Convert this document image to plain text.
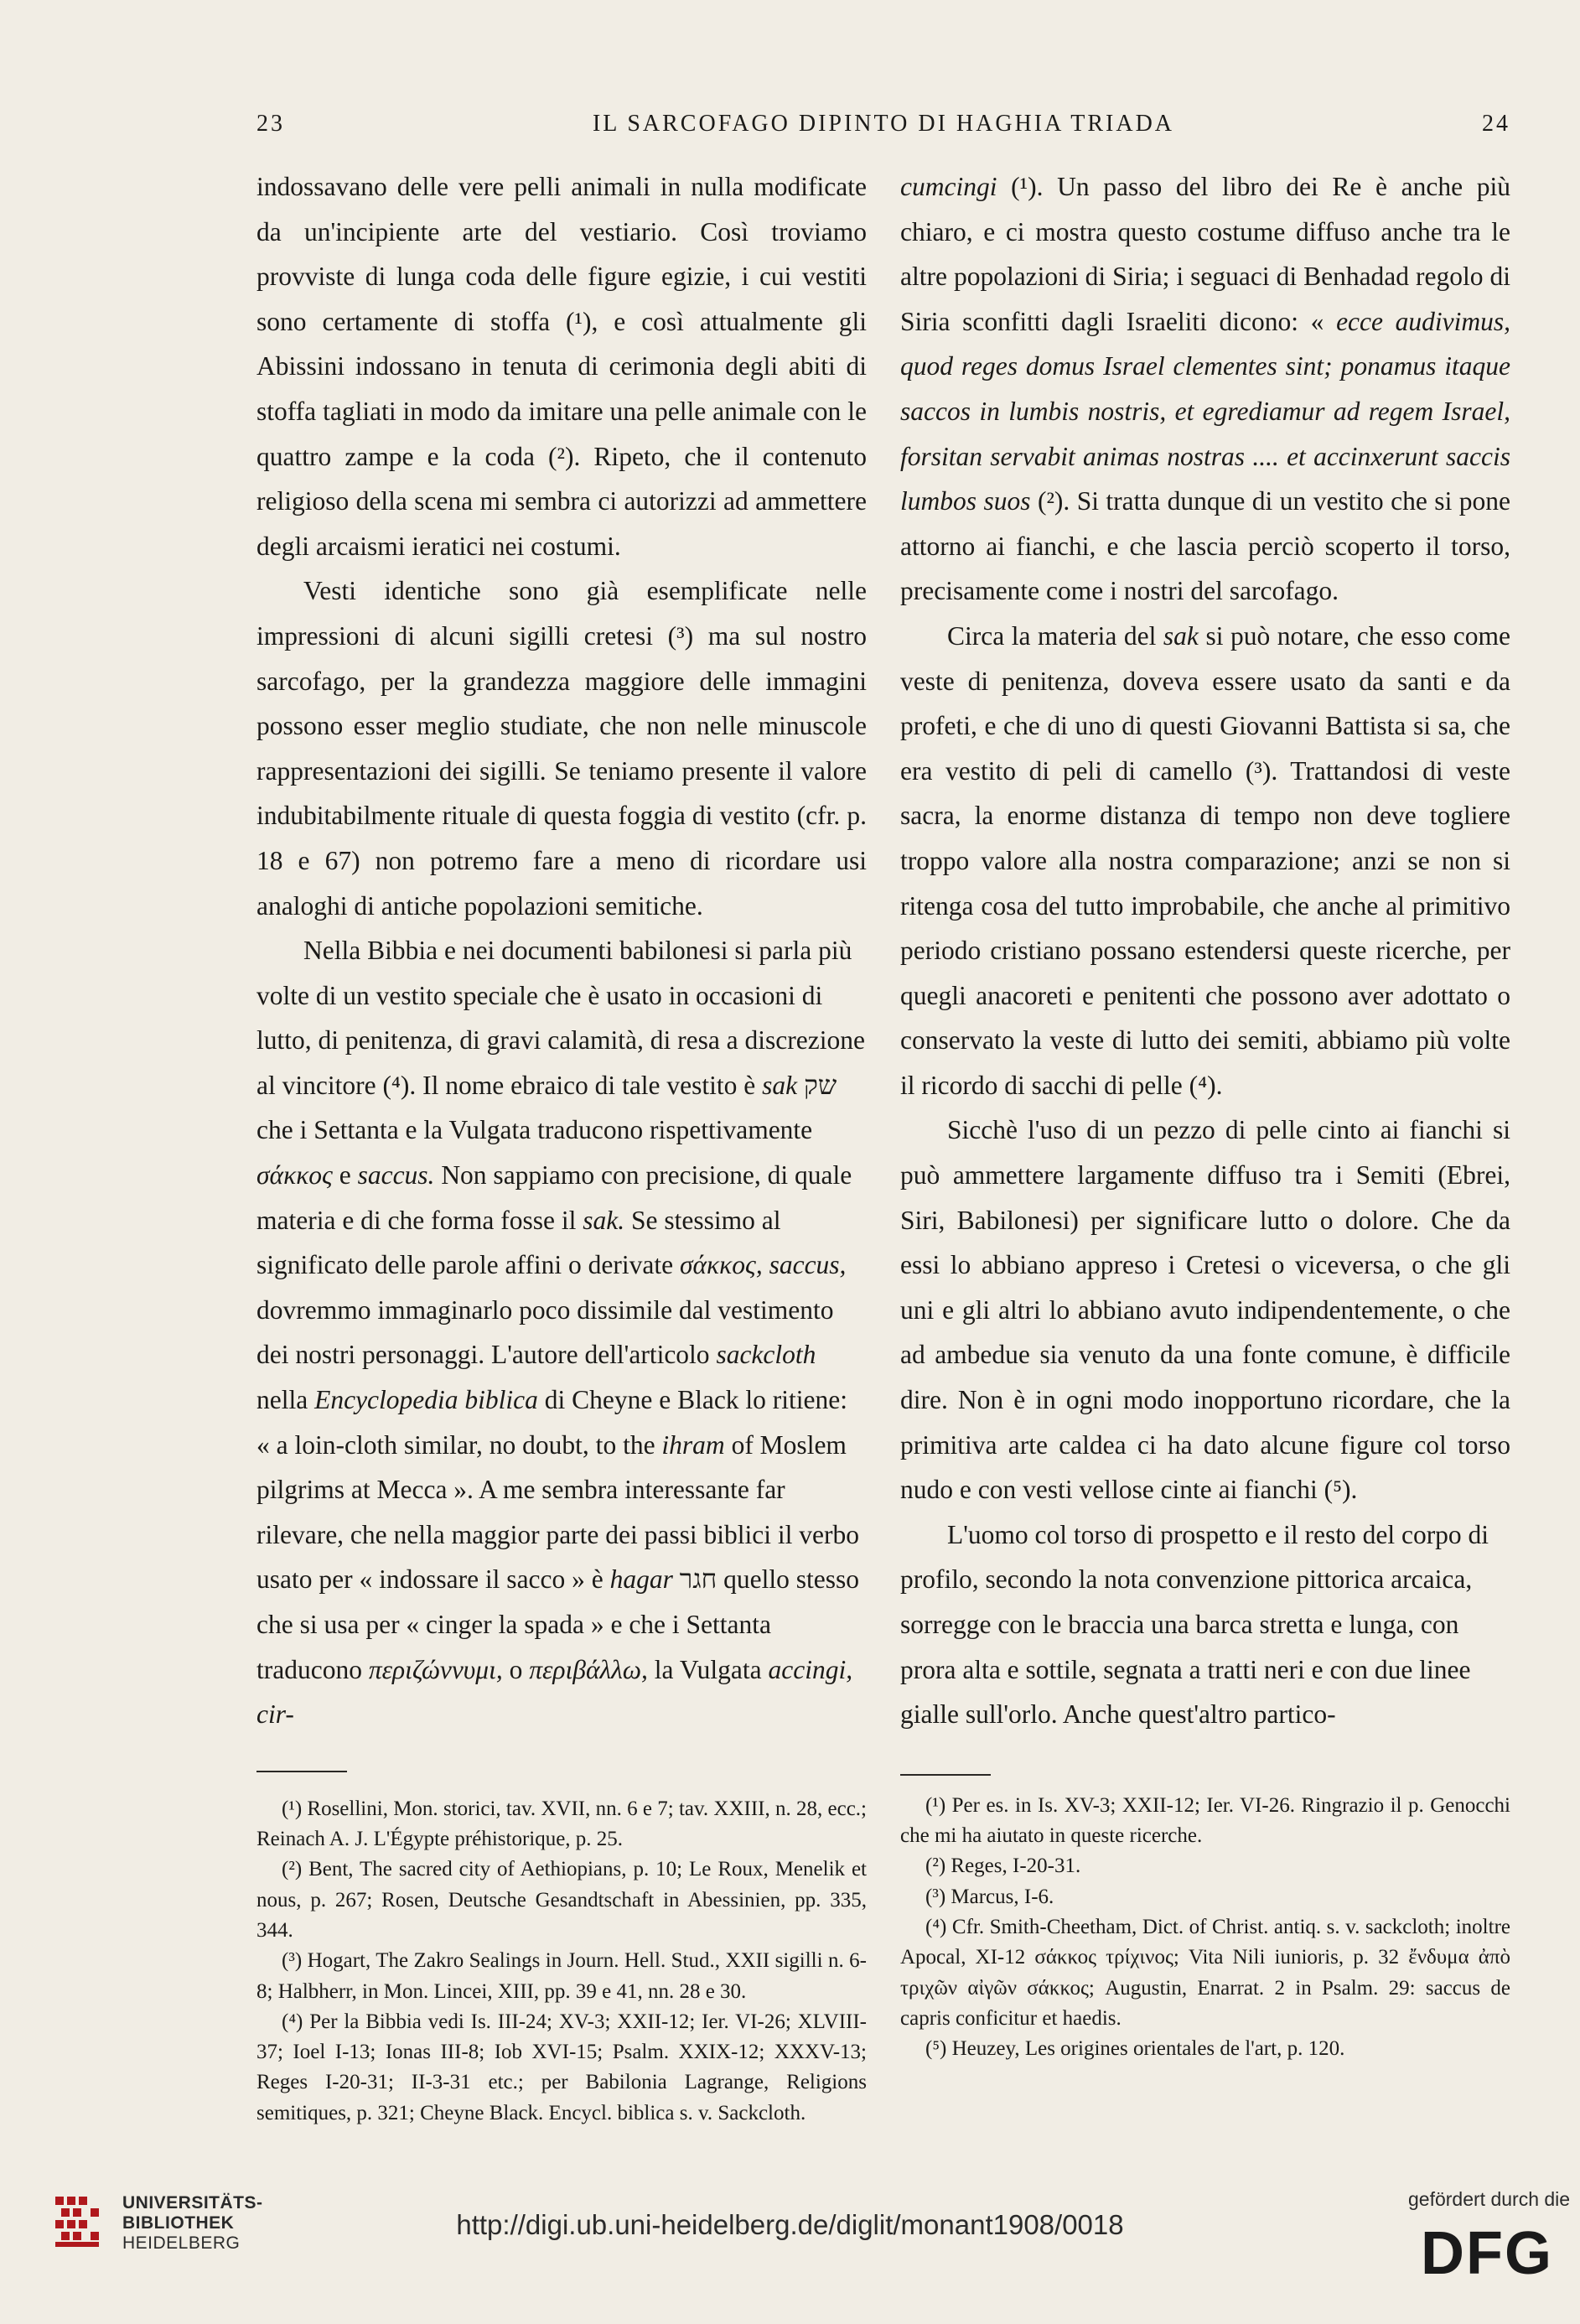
23	IL SARCOFAGO DIPINTO DI HAGHIA TRIADA	24

indossavano delle vere pelli animali in nulla modificate da un'incipiente arte del vestiario. Così troviamo provviste di lunga coda delle figure egizie, i cui vestiti sono certamente di stoffa (¹), e così attualmente gli Abissini indossano in tenuta di cerimonia degli abiti di stoffa tagliati in modo da imitare una pelle animale con le quattro zampe e la coda (²). Ripeto, che il contenuto religioso della scena mi sembra ci autorizzi ad ammettere degli arcaismi ieratici nei costumi.

Vesti identiche sono già esemplificate nelle impressioni di alcuni sigilli cretesi (³) ma sul nostro sarcofago, per la grandezza maggiore delle immagini possono esser meglio studiate, che non nelle minuscole rappresentazioni dei sigilli. Se teniamo presente il valore indubitabilmente rituale di questa foggia di vestito (cfr. p. 18 e 67) non potremo fare a meno di ricordare usi analoghi di antiche popolazioni semitiche.

Nella Bibbia e nei documenti babilonesi si parla più volte di un vestito speciale che è usato in occasioni di lutto, di penitenza, di gravi calamità, di resa a discrezione al vincitore (⁴). Il nome ebraico di tale vestito è sak שק che i Settanta e la Vulgata traducono rispettivamente σάκκος e saccus. Non sappiamo con precisione, di quale materia e di che forma fosse il sak. Se stessimo al significato delle parole affini o derivate σάκκος, saccus, dovremmo immaginarlo poco dissimile dal vestimento dei nostri personaggi. L'autore dell'articolo sackcloth nella Encyclopedia biblica di Cheyne e Black lo ritiene: « a loin-cloth similar, no doubt, to the ihram of Moslem pilgrims at Mecca ». A me sembra interessante far rilevare, che nella maggior parte dei passi biblici il verbo usato per « indossare il sacco » è hagar חגר quello stesso che si usa per « cinger la spada » e che i Settanta traducono περιζώννυμι, o περιβάλλω, la Vulgata accingi, cir-

(¹) Rosellini, Mon. storici, tav. XVII, nn. 6 e 7; tav. XXIII, n. 28, ecc.; Reinach A. J. L'Égypte préhistorique, p. 25.

(²) Bent, The sacred city of Aethiopians, p. 10; Le Roux, Menelik et nous, p. 267; Rosen, Deutsche Gesandtschaft in Abessinien, pp. 335, 344.

(³) Hogart, The Zakro Sealings in Journ. Hell. Stud., XXII sigilli n. 6-8; Halbherr, in Mon. Lincei, XIII, pp. 39 e 41, nn. 28 e 30.

(⁴) Per la Bibbia vedi Is. III-24; XV-3; XXII-12; Ier. VI-26; XLVIII-37; Ioel I-13; Ionas III-8; Iob XVI-15; Psalm. XXIX-12; XXXV-13; Reges I-20-31; II-3-31 etc.; per Babilonia Lagrange, Religions semitiques, p. 321; Cheyne Black. Encycl. biblica s. v. Sackcloth.

cumcingi (¹). Un passo del libro dei Re è anche più chiaro, e ci mostra questo costume diffuso anche tra le altre popolazioni di Siria; i seguaci di Benhadad regolo di Siria sconfitti dagli Israeliti dicono: « ecce audivimus, quod reges domus Israel clementes sint; ponamus itaque saccos in lumbis nostris, et egrediamur ad regem Israel, forsitan servabit animas nostras .... et accinxerunt saccis lumbos suos (²). Si tratta dunque di un vestito che si pone attorno ai fianchi, e che lascia perciò scoperto il torso, precisamente come i nostri del sarcofago.

Circa la materia del sak si può notare, che esso come veste di penitenza, doveva essere usato da santi e da profeti, e che di uno di questi Giovanni Battista si sa, che era vestito di peli di camello (³). Trattandosi di veste sacra, la enorme distanza di tempo non deve togliere troppo valore alla nostra comparazione; anzi se non si ritenga cosa del tutto improbabile, che anche al primitivo periodo cristiano possano estendersi queste ricerche, per quegli anacoreti e penitenti che possono aver adottato o conservato la veste di lutto dei semiti, abbiamo più volte il ricordo di sacchi di pelle (⁴).

Sicchè l'uso di un pezzo di pelle cinto ai fianchi si può ammettere largamente diffuso tra i Semiti (Ebrei, Siri, Babilonesi) per significare lutto o dolore. Che da essi lo abbiano appreso i Cretesi o viceversa, o che gli uni e gli altri lo abbiano avuto indipendentemente, o che ad ambedue sia venuto da una fonte comune, è difficile dire. Non è in ogni modo inopportuno ricordare, che la primitiva arte caldea ci ha dato alcune figure col torso nudo e con vesti vellose cinte ai fianchi (⁵).

L'uomo col torso di prospetto e il resto del corpo di profilo, secondo la nota convenzione pittorica arcaica, sorregge con le braccia una barca stretta e lunga, con prora alta e sottile, segnata a tratti neri e con due linee gialle sull'orlo. Anche quest'altro partico-

(¹) Per es. in Is. XV-3; XXII-12; Ier. VI-26. Ringrazio il p. Genocchi che mi ha aiutato in queste ricerche.

(²) Reges, I-20-31.

(³) Marcus, I-6.

(⁴) Cfr. Smith-Cheetham, Dict. of Christ. antiq. s. v. sackcloth; inoltre Apocal, XI-12 σάκκος τρίχινος; Vita Nili iunioris, p. 32 ἔνδυμα ἀπὸ τριχῶν αἰγῶν σάκκος; Augustin, Enarrat. 2 in Psalm. 29: saccus de capris conficitur et haedis.

(⁵) Heuzey, Les origines orientales de l'art, p. 120.

UNIVERSITÄTS-
BIBLIOTHEK
HEIDELBERG
http://digi.ub.uni-heidelberg.de/diglit/monant1908/0018
gefördert durch die
DFG
